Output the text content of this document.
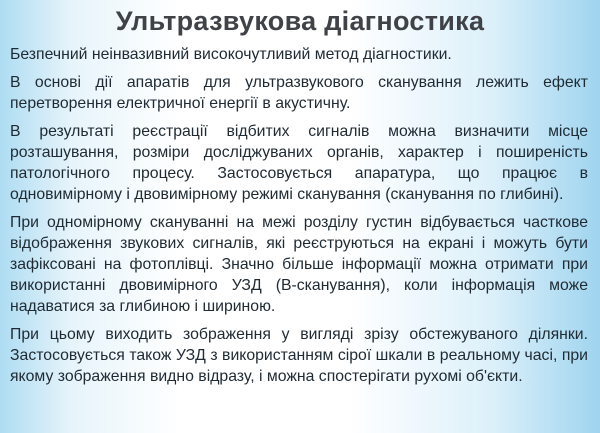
Ультразвукова діагностика

Безпечний неінвазивний високочутливий метод діагностики.

В основі дії апаратів для ультразвукового сканування лежить ефект перетворення електричної енергії в акустичну.

В результаті реєстрації відбитих сигналів можна визначити місце розташування, розміри досліджуваних органів, характер і поширеність патологічного процесу. Застосовується апаратура, що працює в одновимірному і двовимірному режимі сканування (сканування по глибині).

При одномірному скануванні на межі розділу густин відбувається часткове відображення звукових сигналів, які реєструються на екрані і можуть бути зафіксовані на фотоплівці. Значно більше інформації можна отримати при використанні двовимірного УЗД (В-сканування), коли інформація може надаватися за глибиною і шириною.

При цьому виходить зображення у вигляді зрізу обстежуваного ділянки. Застосовується також УЗД з використанням сірої шкали в реальному часі, при якому зображення видно відразу, і можна спостерігати рухомі об'єкти.
